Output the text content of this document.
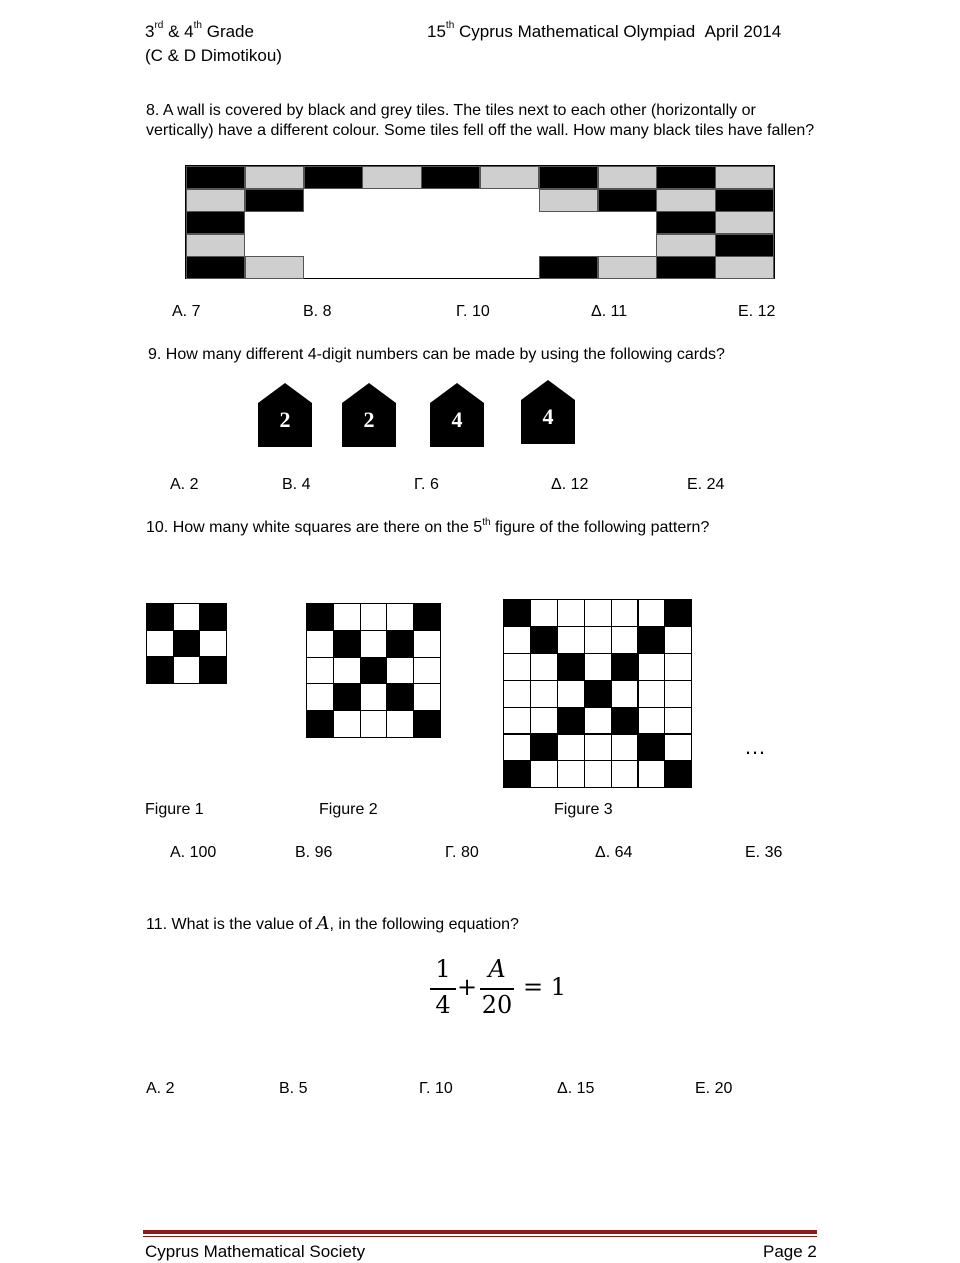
3rd & 4th Grade	15th Cyprus Mathematical Olympiad April 2014
(C & D Dimotikou)
8. A wall is covered by black and grey tiles. The tiles next to each other (horizontally or
vertically) have a different colour. Some tiles fell off the wall. How many black tiles have fallen?
Α. 7	Β. 8	Γ. 10	Δ. 11	Ε. 12
9. How many different 4-digit numbers can be made by using the following cards?
2	2	4	4
Α. 2	Β. 4	Γ. 6	Δ. 12	Ε. 24
10. How many white squares are there on the 5th figure of the following pattern?
…
Figure 1	Figure 2	Figure 3
Α. 100	Β. 96	Γ. 80	Δ. 64	Ε. 36
11. What is the value of A, in the following equation?
1
4
+
A
20
= 1
Α. 2	Β. 5	Γ. 10	Δ. 15	Ε. 20
Cyprus Mathematical Society	Page 2
